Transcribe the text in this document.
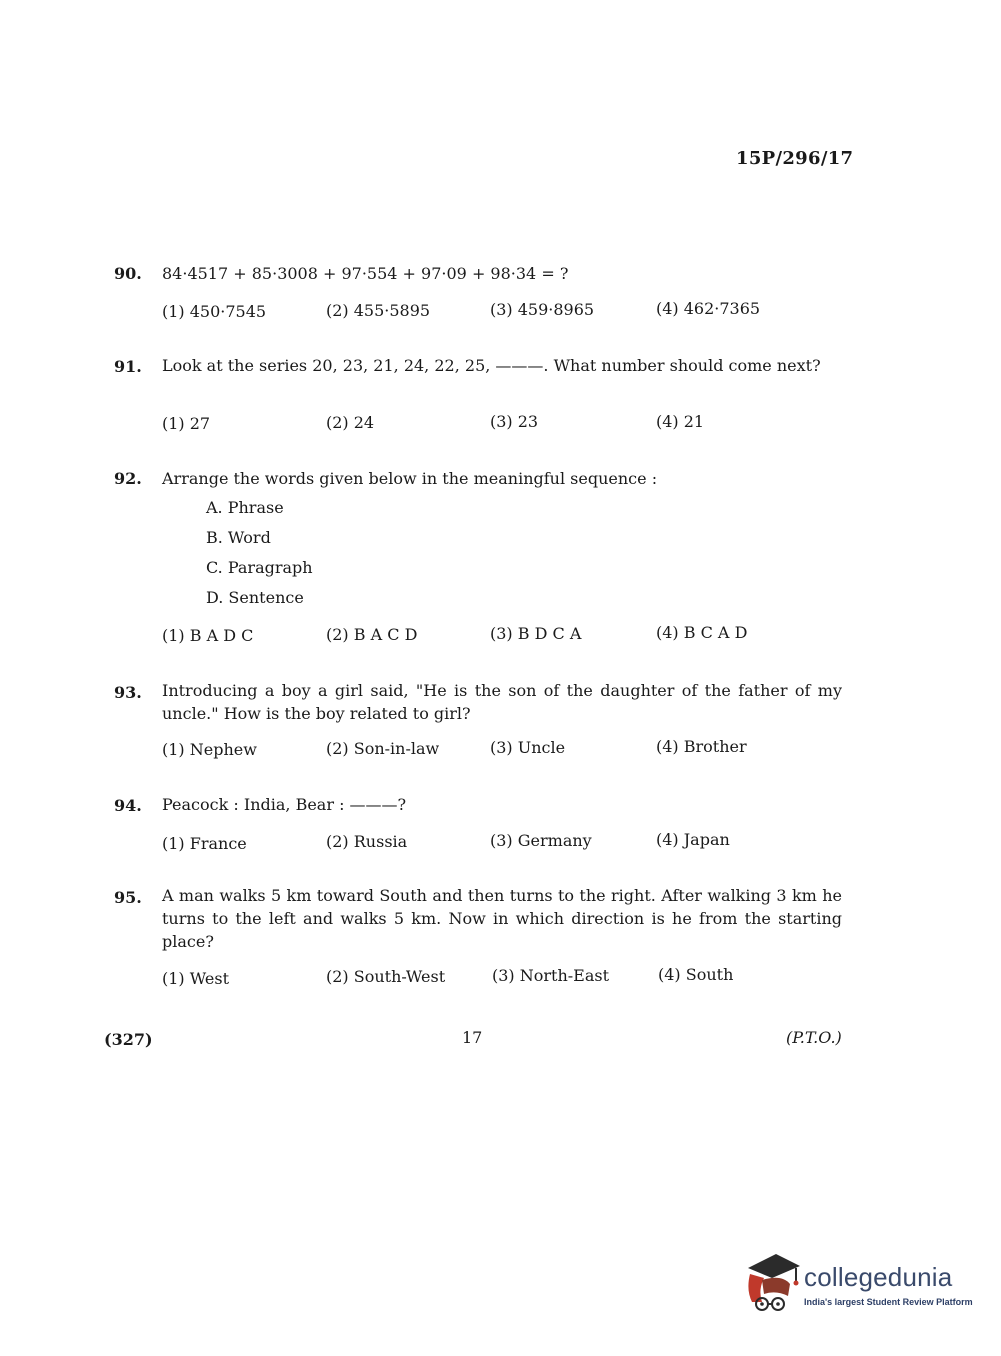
15P/296/17
90. 84·4517 + 85·3008 + 97·554 + 97·09 + 98·34 = ?
(1) 450·7545	(2) 455·5895	(3) 459·8965	(4) 462·7365
91. Look at the series 20, 23, 21, 24, 22, 25, ———. What number should come next?
(1) 27	(2) 24	(3) 23	(4) 21
92. Arrange the words given below in the meaningful sequence :
A. Phrase
B. Word
C. Paragraph
D. Sentence
(1) B A D C	(2) B A C D	(3) B D C A	(4) B C A D
93. Introducing a boy a girl said, "He is the son of the daughter of the father of my uncle." How is the boy related to girl?
(1) Nephew	(2) Son-in-law	(3) Uncle	(4) Brother
94. Peacock : India, Bear : ———?
(1) France	(2) Russia	(3) Germany	(4) Japan
95. A man walks 5 km toward South and then turns to the right. After walking 3 km he turns to the left and walks 5 km. Now in which direction is he from the starting place?
(1) West	(2) South-West	(3) North-East	(4) South
(327)	17	(P.T.O.)
collegedunia
India's largest Student Review Platform
